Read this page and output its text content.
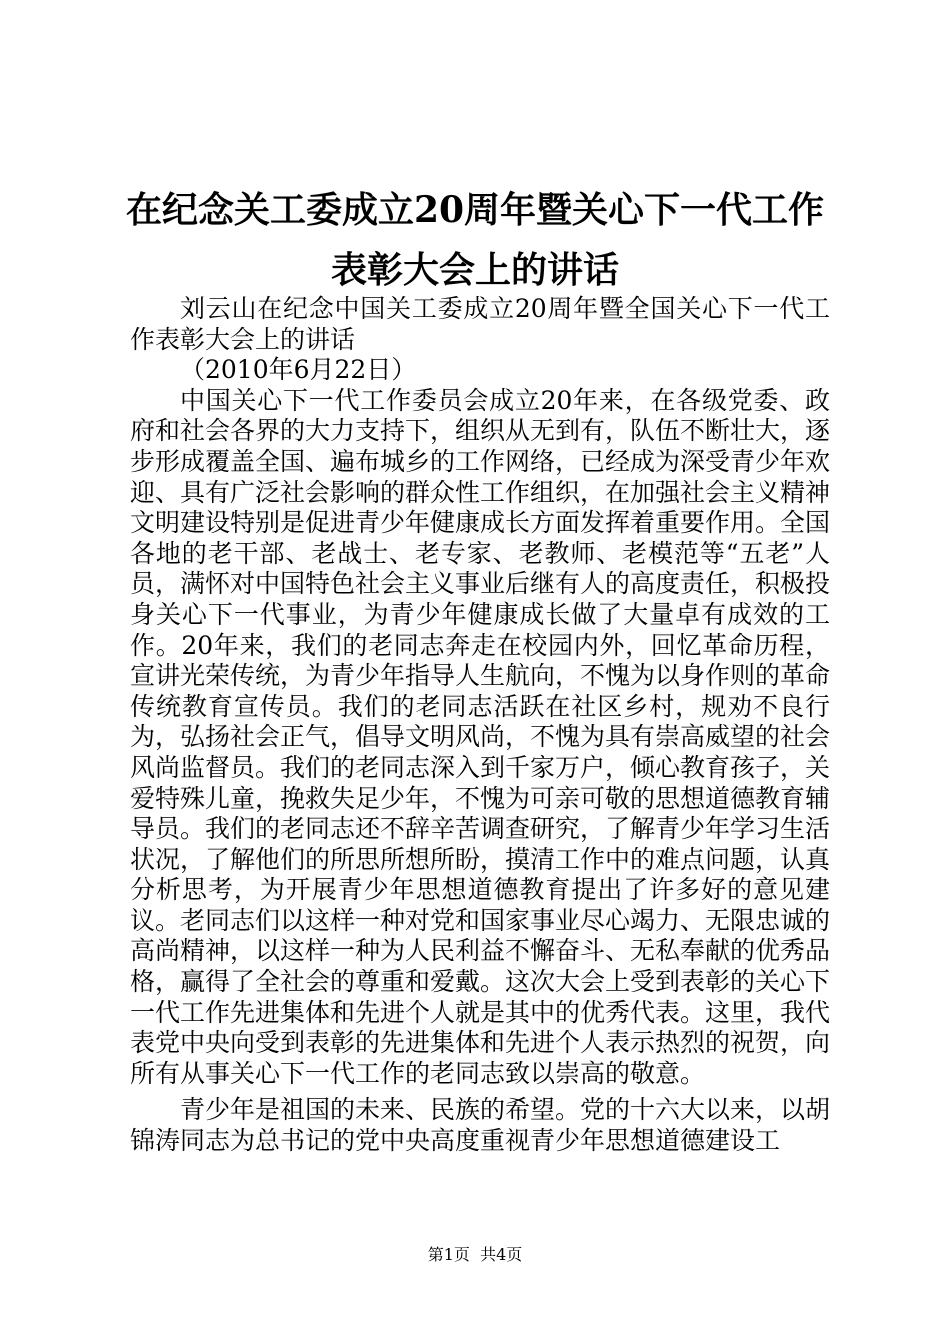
在纪念关工委成立20周年暨关心下一代工作
表彰大会上的讲话

刘云山在纪念中国关工委成立20周年暨全国关心下一代工作表彰大会上的讲话

（2010年6月22日）

中国关心下一代工作委员会成立20年来，在各级党委、政府和社会各界的大力支持下，组织从无到有，队伍不断壮大，逐步形成覆盖全国、遍布城乡的工作网络，已经成为深受青少年欢迎、具有广泛社会影响的群众性工作组织，在加强社会主义精神文明建设特别是促进青少年健康成长方面发挥着重要作用。全国各地的老干部、老战士、老专家、老教师、老模范等“五老”人员，满怀对中国特色社会主义事业后继有人的高度责任，积极投身关心下一代事业，为青少年健康成长做了大量卓有成效的工作。20年来，我们的老同志奔走在校园内外，回忆革命历程，宣讲光荣传统，为青少年指导人生航向，不愧为以身作则的革命传统教育宣传员。我们的老同志活跃在社区乡村，规劝不良行为，弘扬社会正气，倡导文明风尚，不愧为具有崇高威望的社会风尚监督员。我们的老同志深入到千家万户，倾心教育孩子，关爱特殊儿童，挽救失足少年，不愧为可亲可敬的思想道德教育辅导员。我们的老同志还不辞辛苦调查研究，了解青少年学习生活状况，了解他们的所思所想所盼，摸清工作中的难点问题，认真分析思考，为开展青少年思想道德教育提出了许多好的意见建议。老同志们以这样一种对党和国家事业尽心竭力、无限忠诚的高尚精神，以这样一种为人民利益不懈奋斗、无私奉献的优秀品格，赢得了全社会的尊重和爱戴。这次大会上受到表彰的关心下一代工作先进集体和先进个人就是其中的优秀代表。这里，我代表党中央向受到表彰的先进集体和先进个人表示热烈的祝贺，向所有从事关心下一代工作的老同志致以崇高的敬意。

青少年是祖国的未来、民族的希望。党的十六大以来，以胡锦涛同志为总书记的党中央高度重视青少年思想道德建设工

第1页  共4页
